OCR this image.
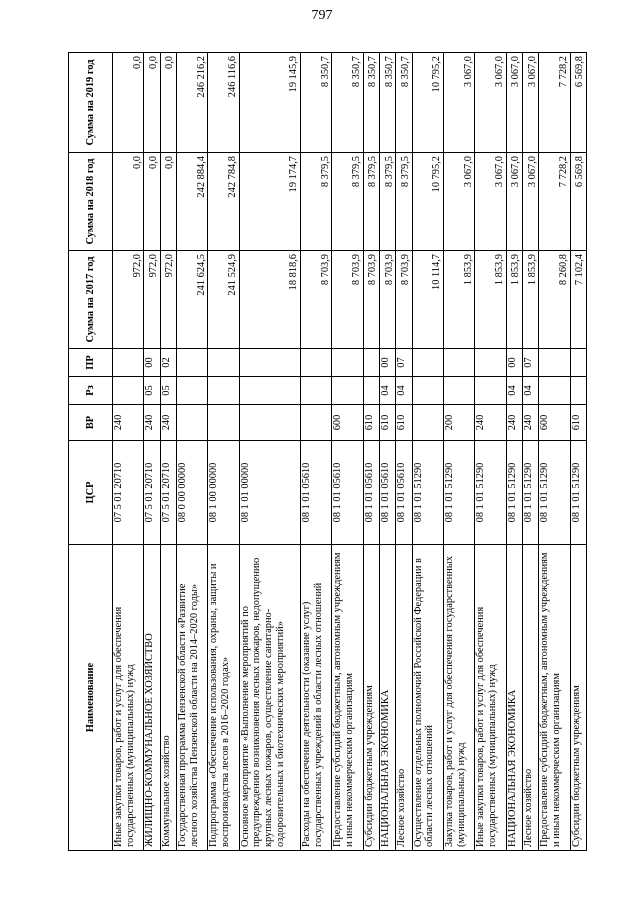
797
Наименование	ЦСР	ВР	Рз	ПР	Сумма на 2017 год	Сумма на 2018 год	Сумма на 2019 год
Иные закупки товаров, работ и услуг для обеспечения государственных (муниципальных) нужд	07 5 01 20710	240			972,0	0,0	0,0
ЖИЛИЩНО-КОММУНАЛЬНОЕ ХОЗЯЙСТВО	07 5 01 20710	240	05	00	972,0	0,0	0,0
Коммунальное хозяйство	07 5 01 20710	240	05	02	972,0	0,0	0,0
Государственная программа Пензенской области «Развитие лесного хозяйства Пензенской области на 2014–2020 годы»	08 0 00 00000				241 624,5	242 884,4	246 216,2
Подпрограмма «Обеспечение использования, охраны, защиты и воспроизводства лесов в 2016–2020 годах»	08 1 00 00000				241 524,9	242 784,8	246 116,6
Основное мероприятие «Выполнение мероприятий по предупреждению возникновения лесных пожаров, недопущению крупных лесных пожаров, осуществление санитарно-оздоровительных и биотехнических мероприятий»	08 1 01 00000				18 818,6	19 174,7	19 145,9
Расходы на обеспечение деятельности (оказание услуг) государственных учреждений в области лесных отношений	08 1 01 05610				8 703,9	8 379,5	8 350,7
Предоставление субсидий бюджетным, автономным учреждениям и иным некоммерческим организациям	08 1 01 05610	600			8 703,9	8 379,5	8 350,7
Субсидии бюджетным учреждениям	08 1 01 05610	610			8 703,9	8 379,5	8 350,7
НАЦИОНАЛЬНАЯ ЭКОНОМИКА	08 1 01 05610	610	04	00	8 703,9	8 379,5	8 350,7
Лесное хозяйство	08 1 01 05610	610	04	07	8 703,9	8 379,5	8 350,7
Осуществление отдельных полномочий Российской Федерации в области лесных отношений	08 1 01 51290				10 114,7	10 795,2	10 795,2
Закупка товаров, работ и услуг для обеспечения государственных (муниципальных) нужд	08 1 01 51290	200			1 853,9	3 067,0	3 067,0
Иные закупки товаров, работ и услуг для обеспечения государственных (муниципальных) нужд	08 1 01 51290	240			1 853,9	3 067,0	3 067,0
НАЦИОНАЛЬНАЯ ЭКОНОМИКА	08 1 01 51290	240	04	00	1 853,9	3 067,0	3 067,0
Лесное хозяйство	08 1 01 51290	240	04	07	1 853,9	3 067,0	3 067,0
Предоставление субсидий бюджетным, автономным учреждениям и иным некоммерческим организациям	08 1 01 51290	600			8 260,8	7 728,2	7 728,2
Субсидии бюджетным учреждениям	08 1 01 51290	610			7 102,4	6 569,8	6 569,8
